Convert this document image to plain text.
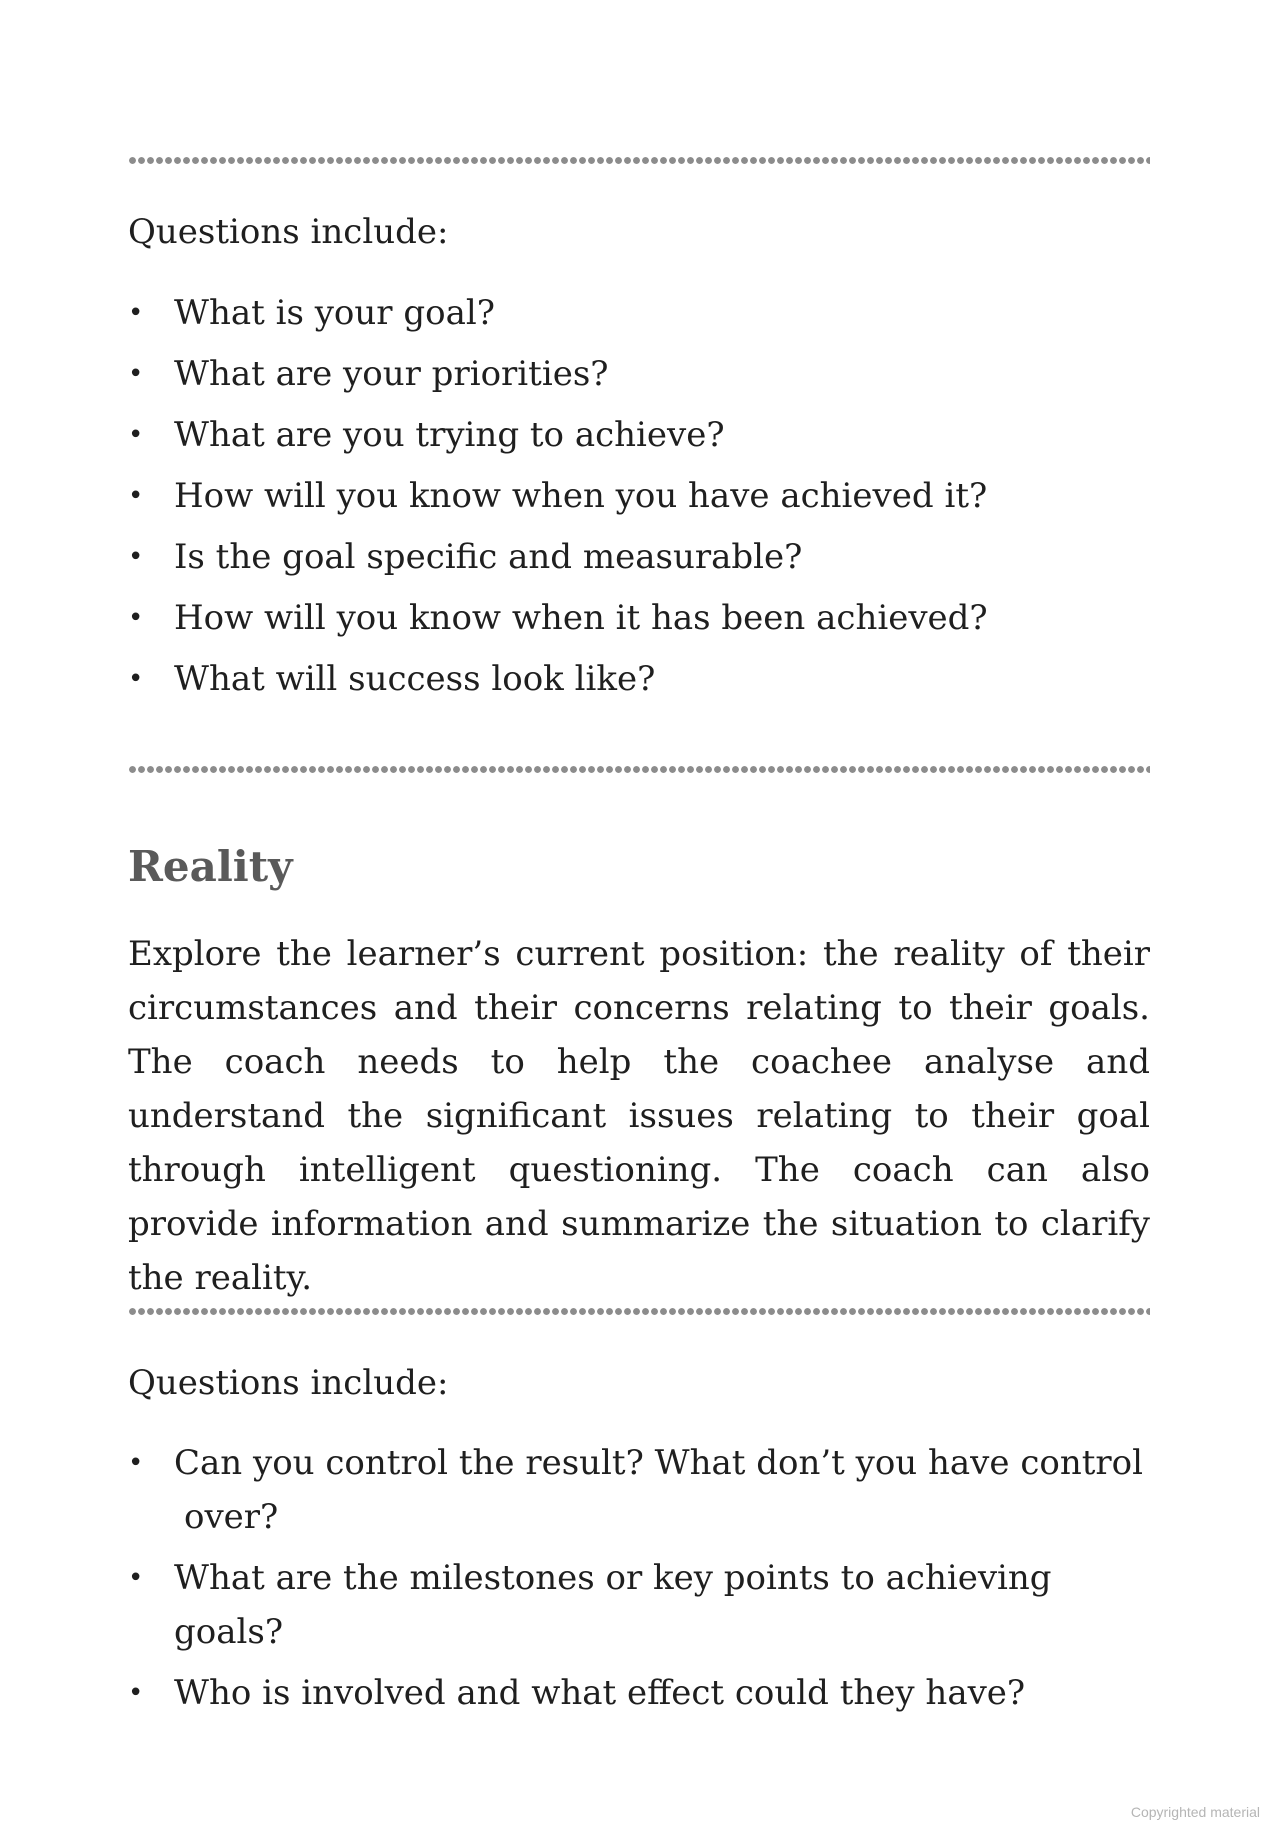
Questions include:

• What is your goal?
• What are your priorities?
• What are you trying to achieve?
• How will you know when you have achieved it?
• Is the goal specific and measurable?
• How will you know when it has been achieved?
• What will success look like?
Reality

Explore the learner’s current position: the reality of their circumstances and their concerns relating to their goals. The coach needs to help the coachee analyse and understand the significant issues relating to their goal through intelligent questioning. The coach can also provide information and summarize the situation to clarify the reality.

Questions include:

• Can you control the result? What don’t you have control
over?
• What are the milestones or key points to achieving goals?
• Who is involved and what effect could they have?
Copyrighted material
